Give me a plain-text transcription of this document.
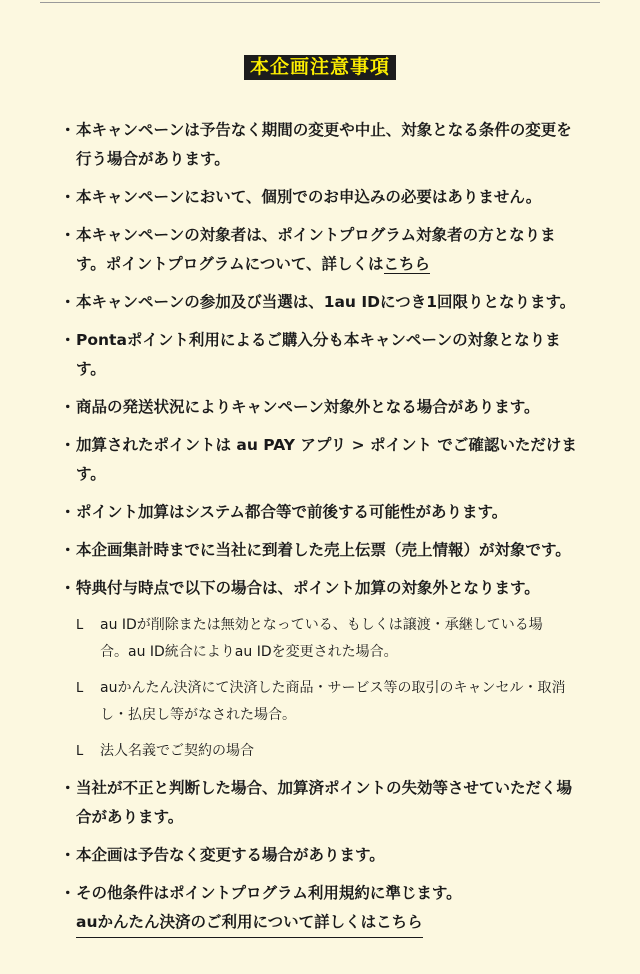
本企画注意事項
・ 本キャンペーンは予告なく期間の変更や中止、対象となる条件の変更を行う場合があります。
・ 本キャンペーンにおいて、個別でのお申込みの必要はありません。
・ 本キャンペーンの対象者は、ポイントプログラム対象者の方となります。ポイントプログラムについて、詳しくはこちら
・ 本キャンペーンの参加及び当選は、1au IDにつき1回限りとなります。
・ Pontaポイント利用によるご購入分も本キャンペーンの対象となります。
・ 商品の発送状況によりキャンペーン対象外となる場合があります。
・ 加算されたポイントは au PAY アプリ > ポイント でご確認いただけます。
・ ポイント加算はシステム都合等で前後する可能性があります。
・ 本企画集計時までに当社に到着した売上伝票（売上情報）が対象です。
・ 特典付与時点で以下の場合は、ポイント加算の対象外となります。
L au IDが削除または無効となっている、もしくは譲渡・承継している場合。au ID統合によりau IDを変更された場合。
L auかんたん決済にて決済した商品・サービス等の取引のキャンセル・取消し・払戻し等がなされた場合。
L 法人名義でご契約の場合
・ 当社が不正と判断した場合、加算済ポイントの失効等させていただく場合があります。
・ 本企画は予告なく変更する場合があります。
・ その他条件はポイントプログラム利用規約に準じます。
auかんたん決済のご利用について詳しくはこちら
